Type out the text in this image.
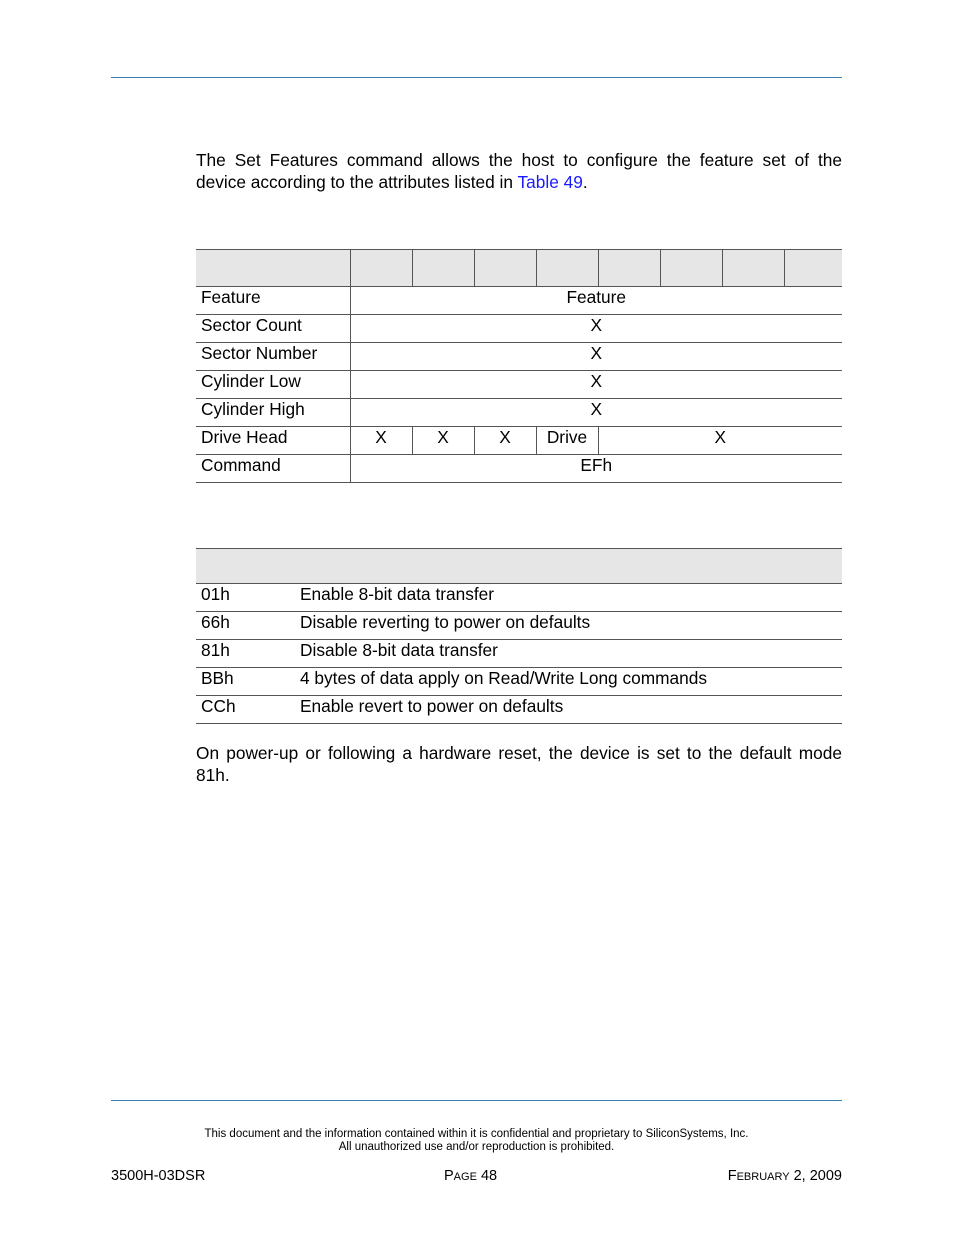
The Set Features command allows the host to configure the feature set of the device according to the attributes listed in Table 49.

Feature	Feature							
Sector Count	X							
Sector Number	X							
Cylinder Low	X							
Cylinder High	X							
Drive Head	X	X	X	Drive	X			
Command	EFh							

01h	Enable 8-bit data transfer
66h	Disable reverting to power on defaults
81h	Disable 8-bit data transfer
BBh	4 bytes of data apply on Read/Write Long commands
CCh	Enable revert to power on defaults
On power-up or following a hardware reset, the device is set to the default mode 81h.
This document and the information contained within it is confidential and proprietary to SiliconSystems, Inc.
All unauthorized use and/or reproduction is prohibited.
3500H-03DSR	PAGE 48	FEBRUARY 2, 2009
